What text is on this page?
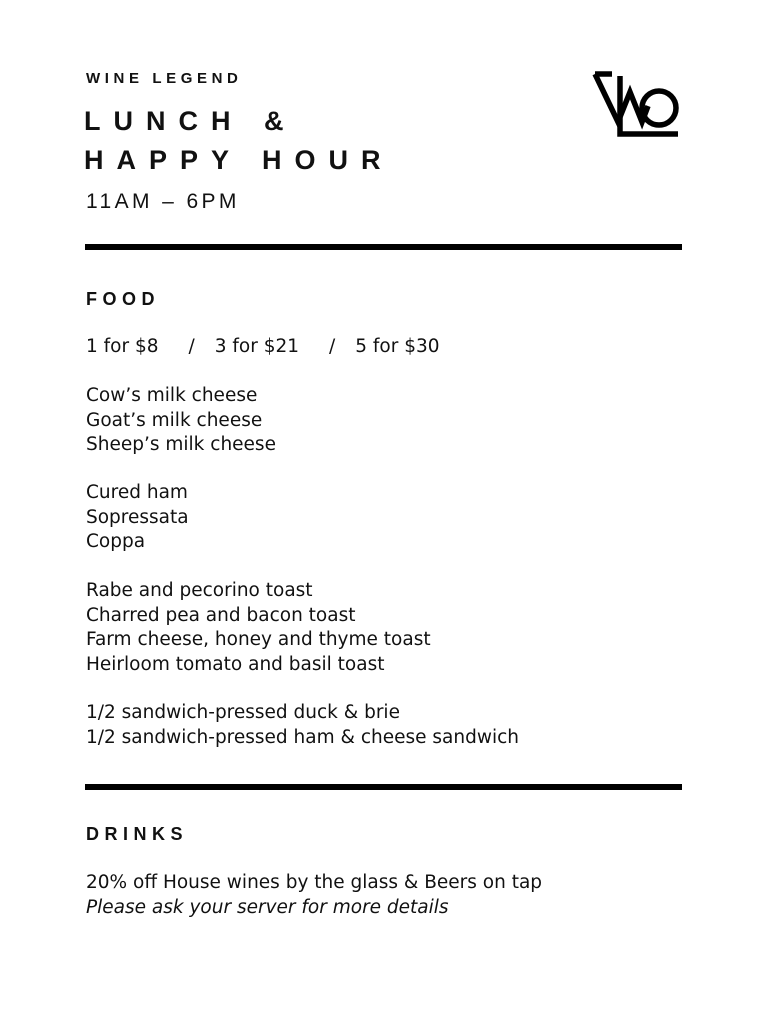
WINE LEGEND
LUNCH &
HAPPY HOUR
11AM – 6PM
FOOD
1 for $8 / 3 for $21 / 5 for $30
Cow’s milk cheese
Goat’s milk cheese
Sheep’s milk cheese
Cured ham
Sopressata
Coppa
Rabe and pecorino toast
Charred pea and bacon toast
Farm cheese, honey and thyme toast
Heirloom tomato and basil toast
1/2 sandwich-pressed duck & brie
1/2 sandwich-pressed ham & cheese sandwich
DRINKS
20% off House wines by the glass & Beers on tap
Please ask your server for more details
